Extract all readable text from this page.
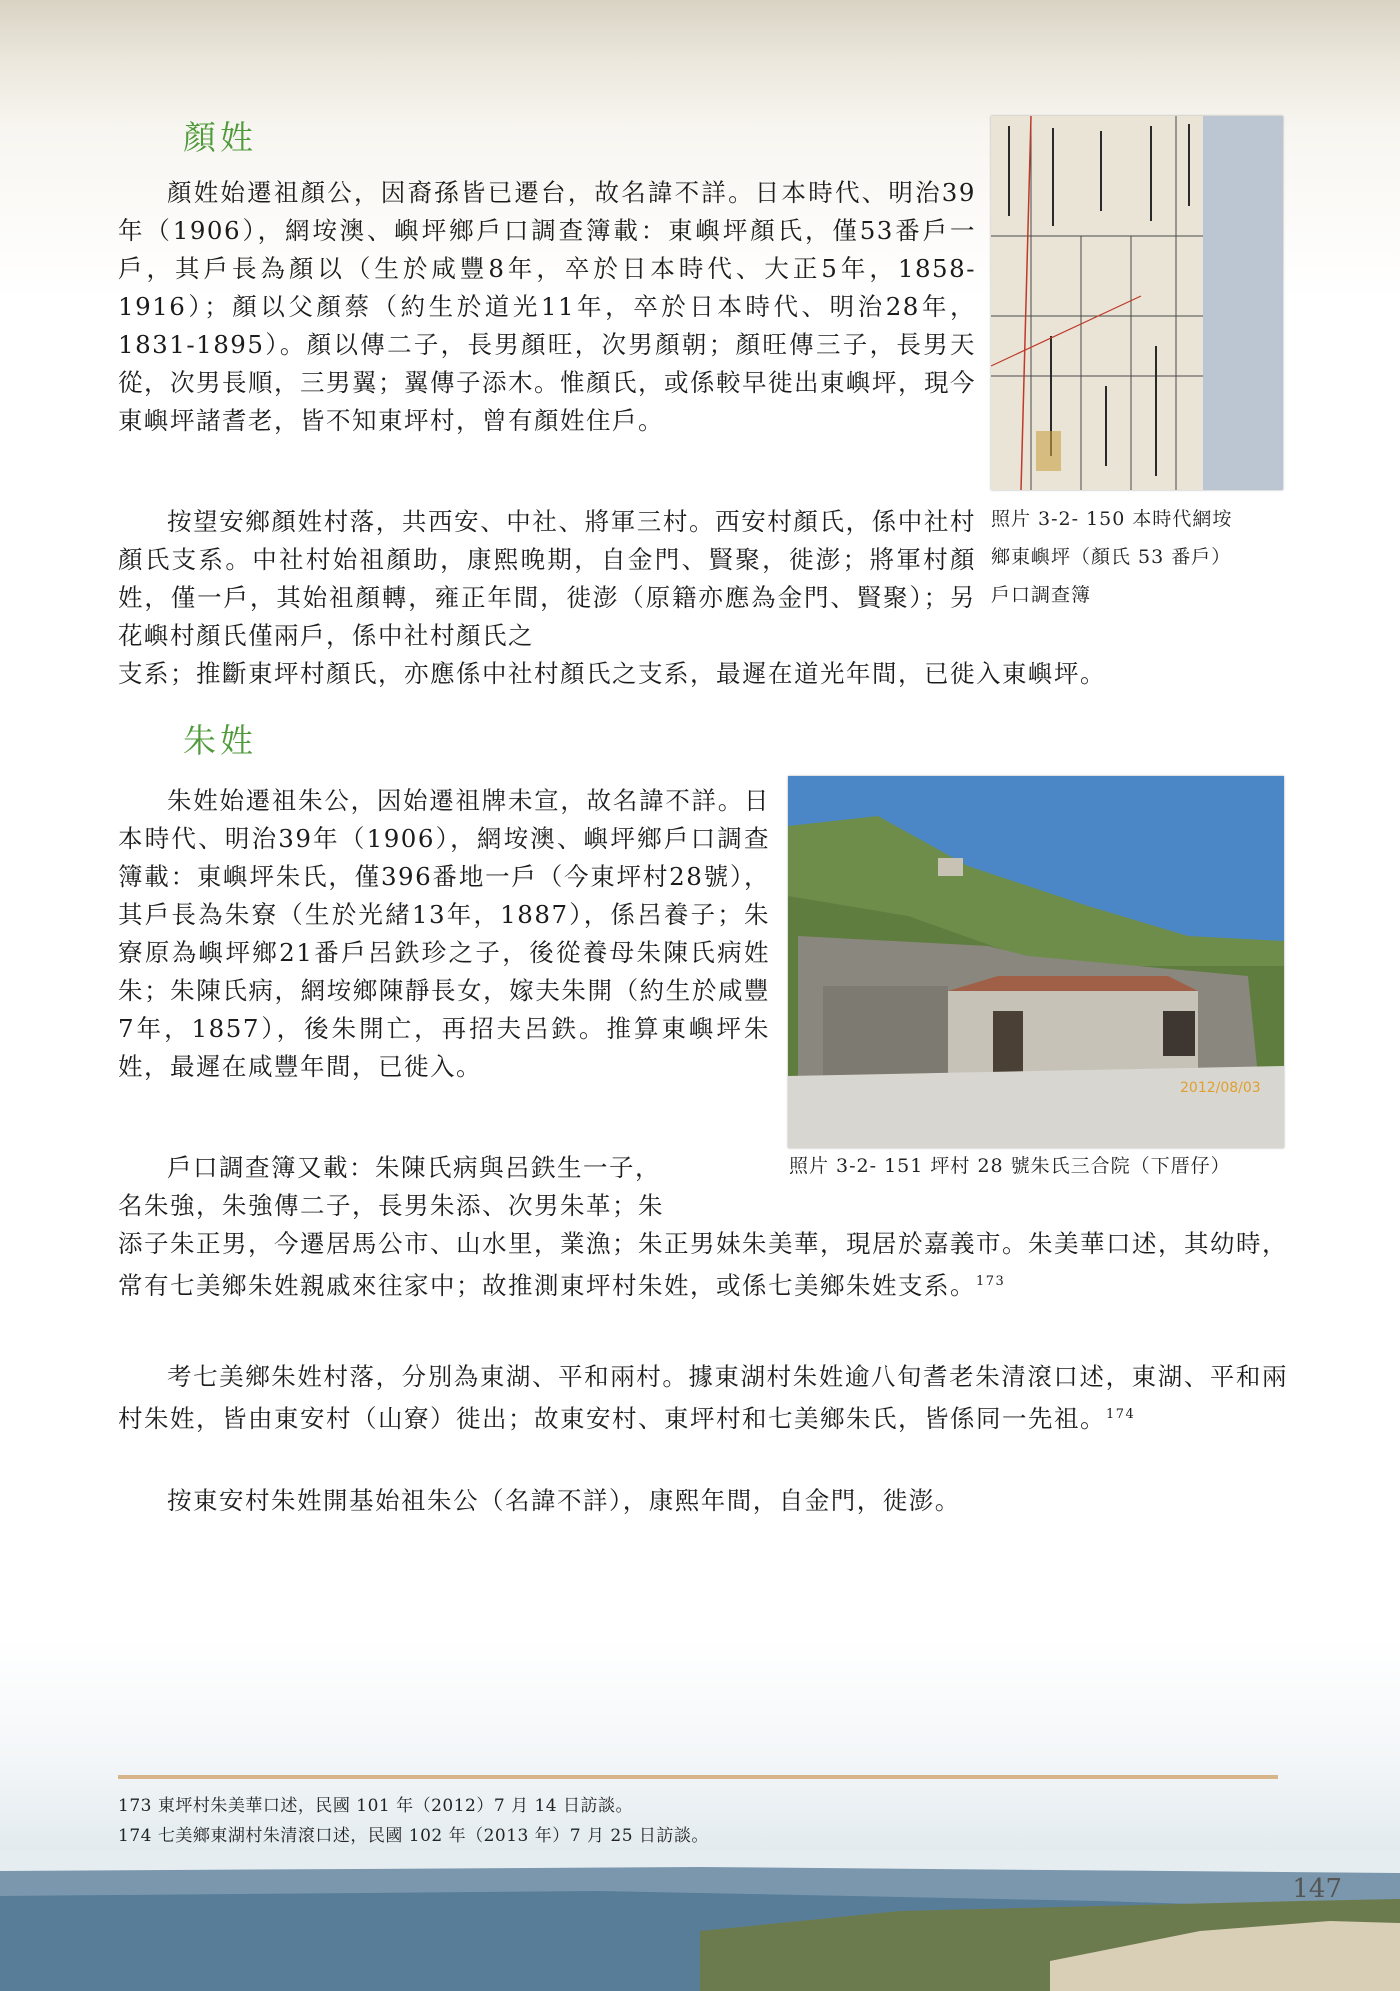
顏姓

顏姓始遷祖顏公，因裔孫皆已遷台，故名諱不詳。日本時代、明治39年（1906），網垵澳、嶼坪鄉戶口調查簿載：東嶼坪顏氏，僅53番戶一戶，其戶長為顏以（生於咸豐8年，卒於日本時代、大正5年，1858-1916）；顏以父顏蔡（約生於道光11年，卒於日本時代、明治28年，1831-1895）。顏以傳二子，長男顏旺，次男顏朝；顏旺傳三子，長男天從，次男長順，三男翼；翼傳子添木。惟顏氏，或係較早徙出東嶼坪，現今東嶼坪諸耆老，皆不知東坪村，曾有顏姓住戶。

按望安鄉顏姓村落，共西安、中社、將軍三村。西安村顏氏，係中社村顏氏支系。中社村始祖顏助，康熙晚期，自金門、賢聚，徙澎；將軍村顏姓，僅一戶，其始祖顏轉，雍正年間，徙澎（原籍亦應為金門、賢聚）；另花嶼村顏氏僅兩戶，係中社村顏氏之

照片 3-2- 150 本時代網垵
鄉東嶼坪（顏氏 53 番戶）
戶口調查簿

支系；推斷東坪村顏氏，亦應係中社村顏氏之支系，最遲在道光年間，已徙入東嶼坪。

朱姓

朱姓始遷祖朱公，因始遷祖牌未宣，故名諱不詳。日本時代、明治39年（1906），網垵澳、嶼坪鄉戶口調查簿載：東嶼坪朱氏，僅396番地一戶（今東坪村28號），其戶長為朱寮（生於光緒13年，1887），係呂養子；朱寮原為嶼坪鄉21番戶呂鉄珍之子，後從養母朱陳氏病姓朱；朱陳氏病，網垵鄉陳靜長女，嫁夫朱開（約生於咸豐7年，1857），後朱開亡，再招夫呂鉄。推算東嶼坪朱姓，最遲在咸豐年間，已徙入。

2012/08/03

戶口調查簿又載：朱陳氏病與呂鉄生一子，

名朱強，朱強傳二子，長男朱添、次男朱革；朱

照片 3-2- 151 坪村 28 號朱氏三合院（下厝仔）

添子朱正男，今遷居馬公市、山水里，業漁；朱正男妹朱美華，現居於嘉義市。朱美華口述，其幼時，常有七美鄉朱姓親戚來往家中；故推測東坪村朱姓，或係七美鄉朱姓支系。$^{173}$

考七美鄉朱姓村落，分別為東湖、平和兩村。據東湖村朱姓逾八旬耆老朱清滾口述，東湖、平和兩村朱姓，皆由東安村（山寮）徙出；故東安村、東坪村和七美鄉朱氏，皆係同一先祖。$^{174}$

按東安村朱姓開基始祖朱公（名諱不詳），康熙年間，自金門，徙澎。

173 東坪村朱美華口述，民國 101 年（2012）7 月 14 日訪談。
174 七美鄉東湖村朱清滾口述，民國 102 年（2013 年）7 月 25 日訪談。
147
